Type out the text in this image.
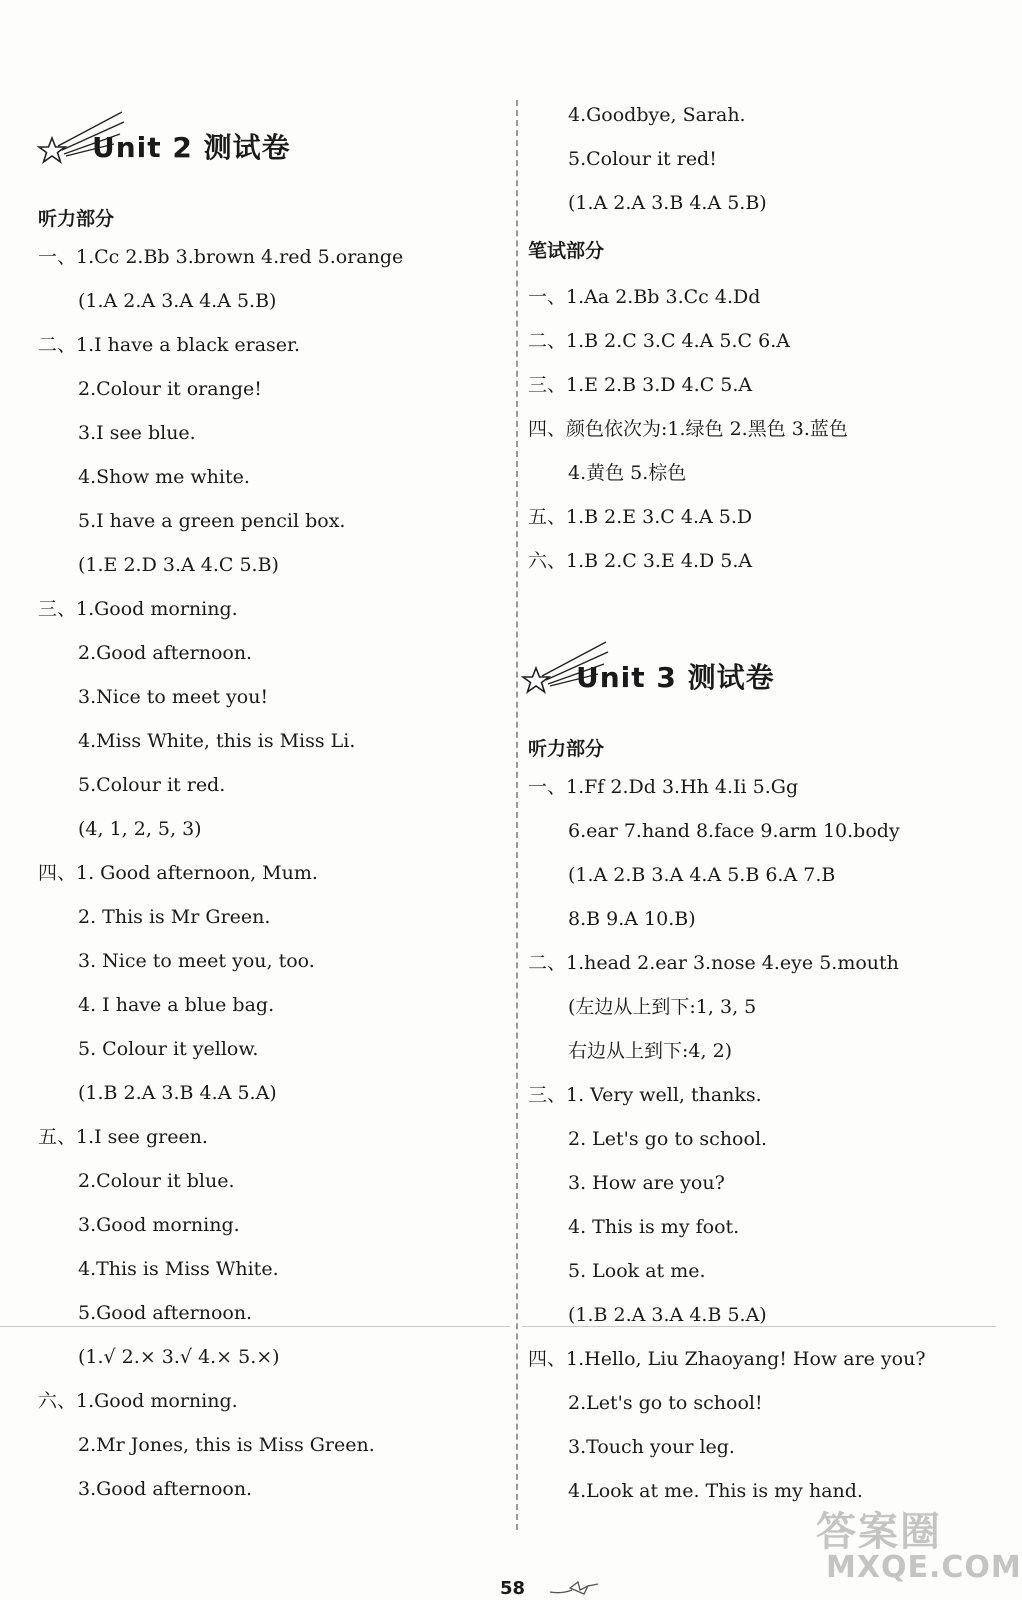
Unit 2 测试卷
听力部分
一、1.Cc 2.Bb 3.brown 4.red 5.orange
(1.A 2.A 3.A 4.A 5.B)
二、1.I have a black eraser.
2.Colour it orange!
3.I see blue.
4.Show me white.
5.I have a green pencil box.
(1.E 2.D 3.A 4.C 5.B)
三、1.Good morning.
2.Good afternoon.
3.Nice to meet you!
4.Miss White, this is Miss Li.
5.Colour it red.
(4, 1, 2, 5, 3)
四、1. Good afternoon, Mum.
2. This is Mr Green.
3. Nice to meet you, too.
4. I have a blue bag.
5. Colour it yellow.
(1.B 2.A 3.B 4.A 5.A)
五、1.I see green.
2.Colour it blue.
3.Good morning.
4.This is Miss White.
5.Good afternoon.
(1.√ 2.× 3.√ 4.× 5.×)
六、1.Good morning.
2.Mr Jones, this is Miss Green.
3.Good afternoon.
4.Goodbye, Sarah.
5.Colour it red!
(1.A 2.A 3.B 4.A 5.B)
笔试部分
一、1.Aa 2.Bb 3.Cc 4.Dd
二、1.B 2.C 3.C 4.A 5.C 6.A
三、1.E 2.B 3.D 4.C 5.A
四、颜色依次为:1.绿色 2.黑色 3.蓝色
4.黄色 5.棕色
五、1.B 2.E 3.C 4.A 5.D
六、1.B 2.C 3.E 4.D 5.A
Unit 3 测试卷
听力部分
一、1.Ff 2.Dd 3.Hh 4.Ii 5.Gg
6.ear 7.hand 8.face 9.arm 10.body
(1.A 2.B 3.A 4.A 5.B 6.A 7.B
8.B 9.A 10.B)
二、1.head 2.ear 3.nose 4.eye 5.mouth
(左边从上到下:1, 3, 5
右边从上到下:4, 2)
三、1. Very well, thanks.
2. Let's go to school.
3. How are you?
4. This is my foot.
5. Look at me.
(1.B 2.A 3.A 4.B 5.A)
四、1.Hello, Liu Zhaoyang! How are you?
2.Let's go to school!
3.Touch your leg.
4.Look at me. This is my hand.
58
答案圈
MXQE.COM
